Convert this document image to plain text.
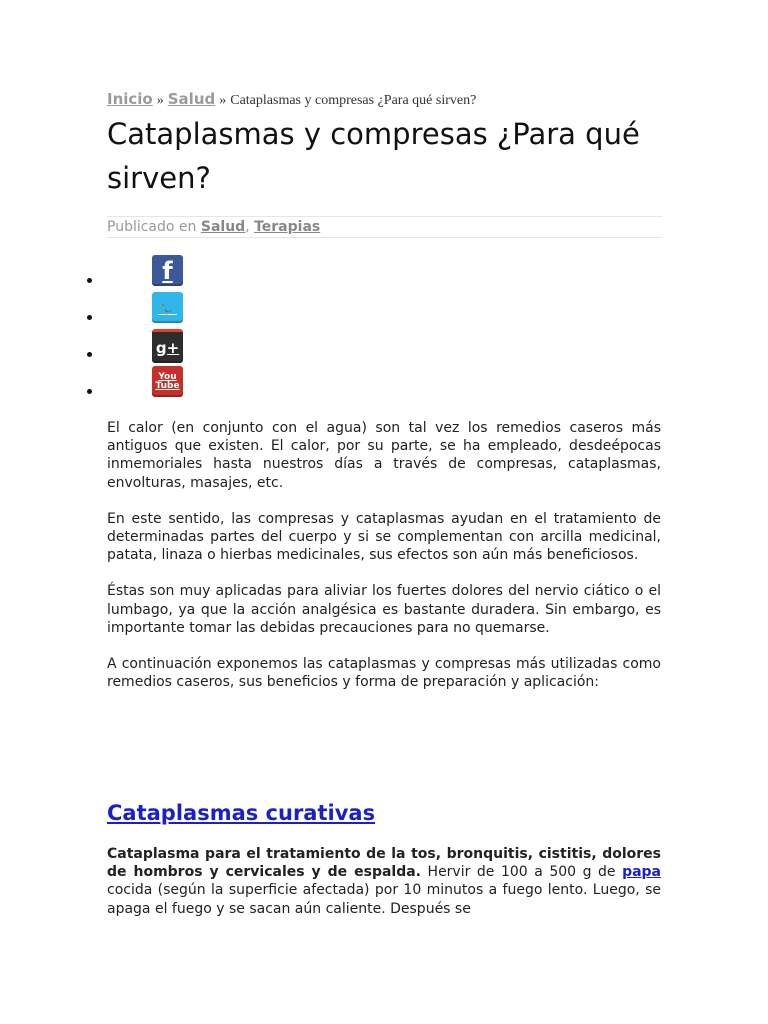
Inicio » Salud » Cataplasmas y compresas ¿Para qué sirven?
Cataplasmas y compresas ¿Para qué sirven?
Publicado en Salud, Terapias
f
🐦
g+
You
Tube

El calor (en conjunto con el agua) son tal vez los remedios caseros más antiguos que existen. El calor, por su parte, se ha empleado, desdeépocas inmemoriales hasta nuestros días a través de compresas, cataplasmas, envolturas, masajes, etc.

En este sentido, las compresas y cataplasmas ayudan en el tratamiento de determinadas partes del cuerpo y si se complementan con arcilla medicinal, patata, linaza o hierbas medicinales, sus efectos son aún más beneficiosos.

Éstas son muy aplicadas para aliviar los fuertes dolores del nervio ciático o el lumbago, ya que la acción analgésica es bastante duradera. Sin embargo, es importante tomar las debidas precauciones para no quemarse.

A continuación exponemos las cataplasmas y compresas más utilizadas como remedios caseros, sus beneficios y forma de preparación y aplicación:

Cataplasmas curativas

Cataplasma para el tratamiento de la tos, bronquitis, cistitis, dolores de hombros y cervicales y de espalda. Hervir de 100 a 500 g de papa cocida (según la superficie afectada) por 10 minutos a fuego lento. Luego, se apaga el fuego y se sacan aún caliente. Después se
